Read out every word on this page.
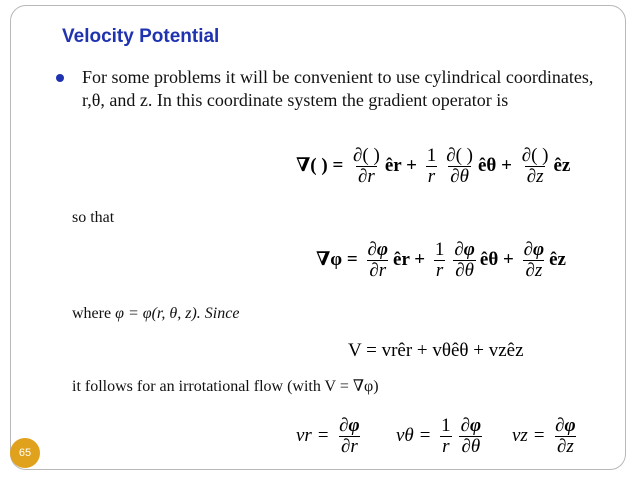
Velocity Potential
For some problems it will be convenient to use cylindrical coordinates, r,θ, and z. In this coordinate system the gradient operator is
∇( ) = $\frac{\partial( )}{\partial r}$ êr + $\frac{1}{r} \frac{\partial( )}{\partial\theta}$ êθ + $\frac{\partial( )}{\partial z}$ êz
so that
$\nabla\varphi = \frac{\partial\varphi}{\partial r}$ êr + $\frac{1}{r} \frac{\partial\varphi}{\partial\theta}$ êθ + $\frac{\partial\varphi}{\partial z}$ êz
where φ = φ(r, θ, z). Since
V = vrêr + vθêθ + vzêz
it follows for an irrotational flow (with V = ∇φ)
vr = $\frac{\partial\varphi}{\partial r}$ $v\theta = \frac{1}{r} \frac{\partial\varphi}{\partial\theta}$ vz = $\frac{\partial\varphi}{\partial z}$
65
